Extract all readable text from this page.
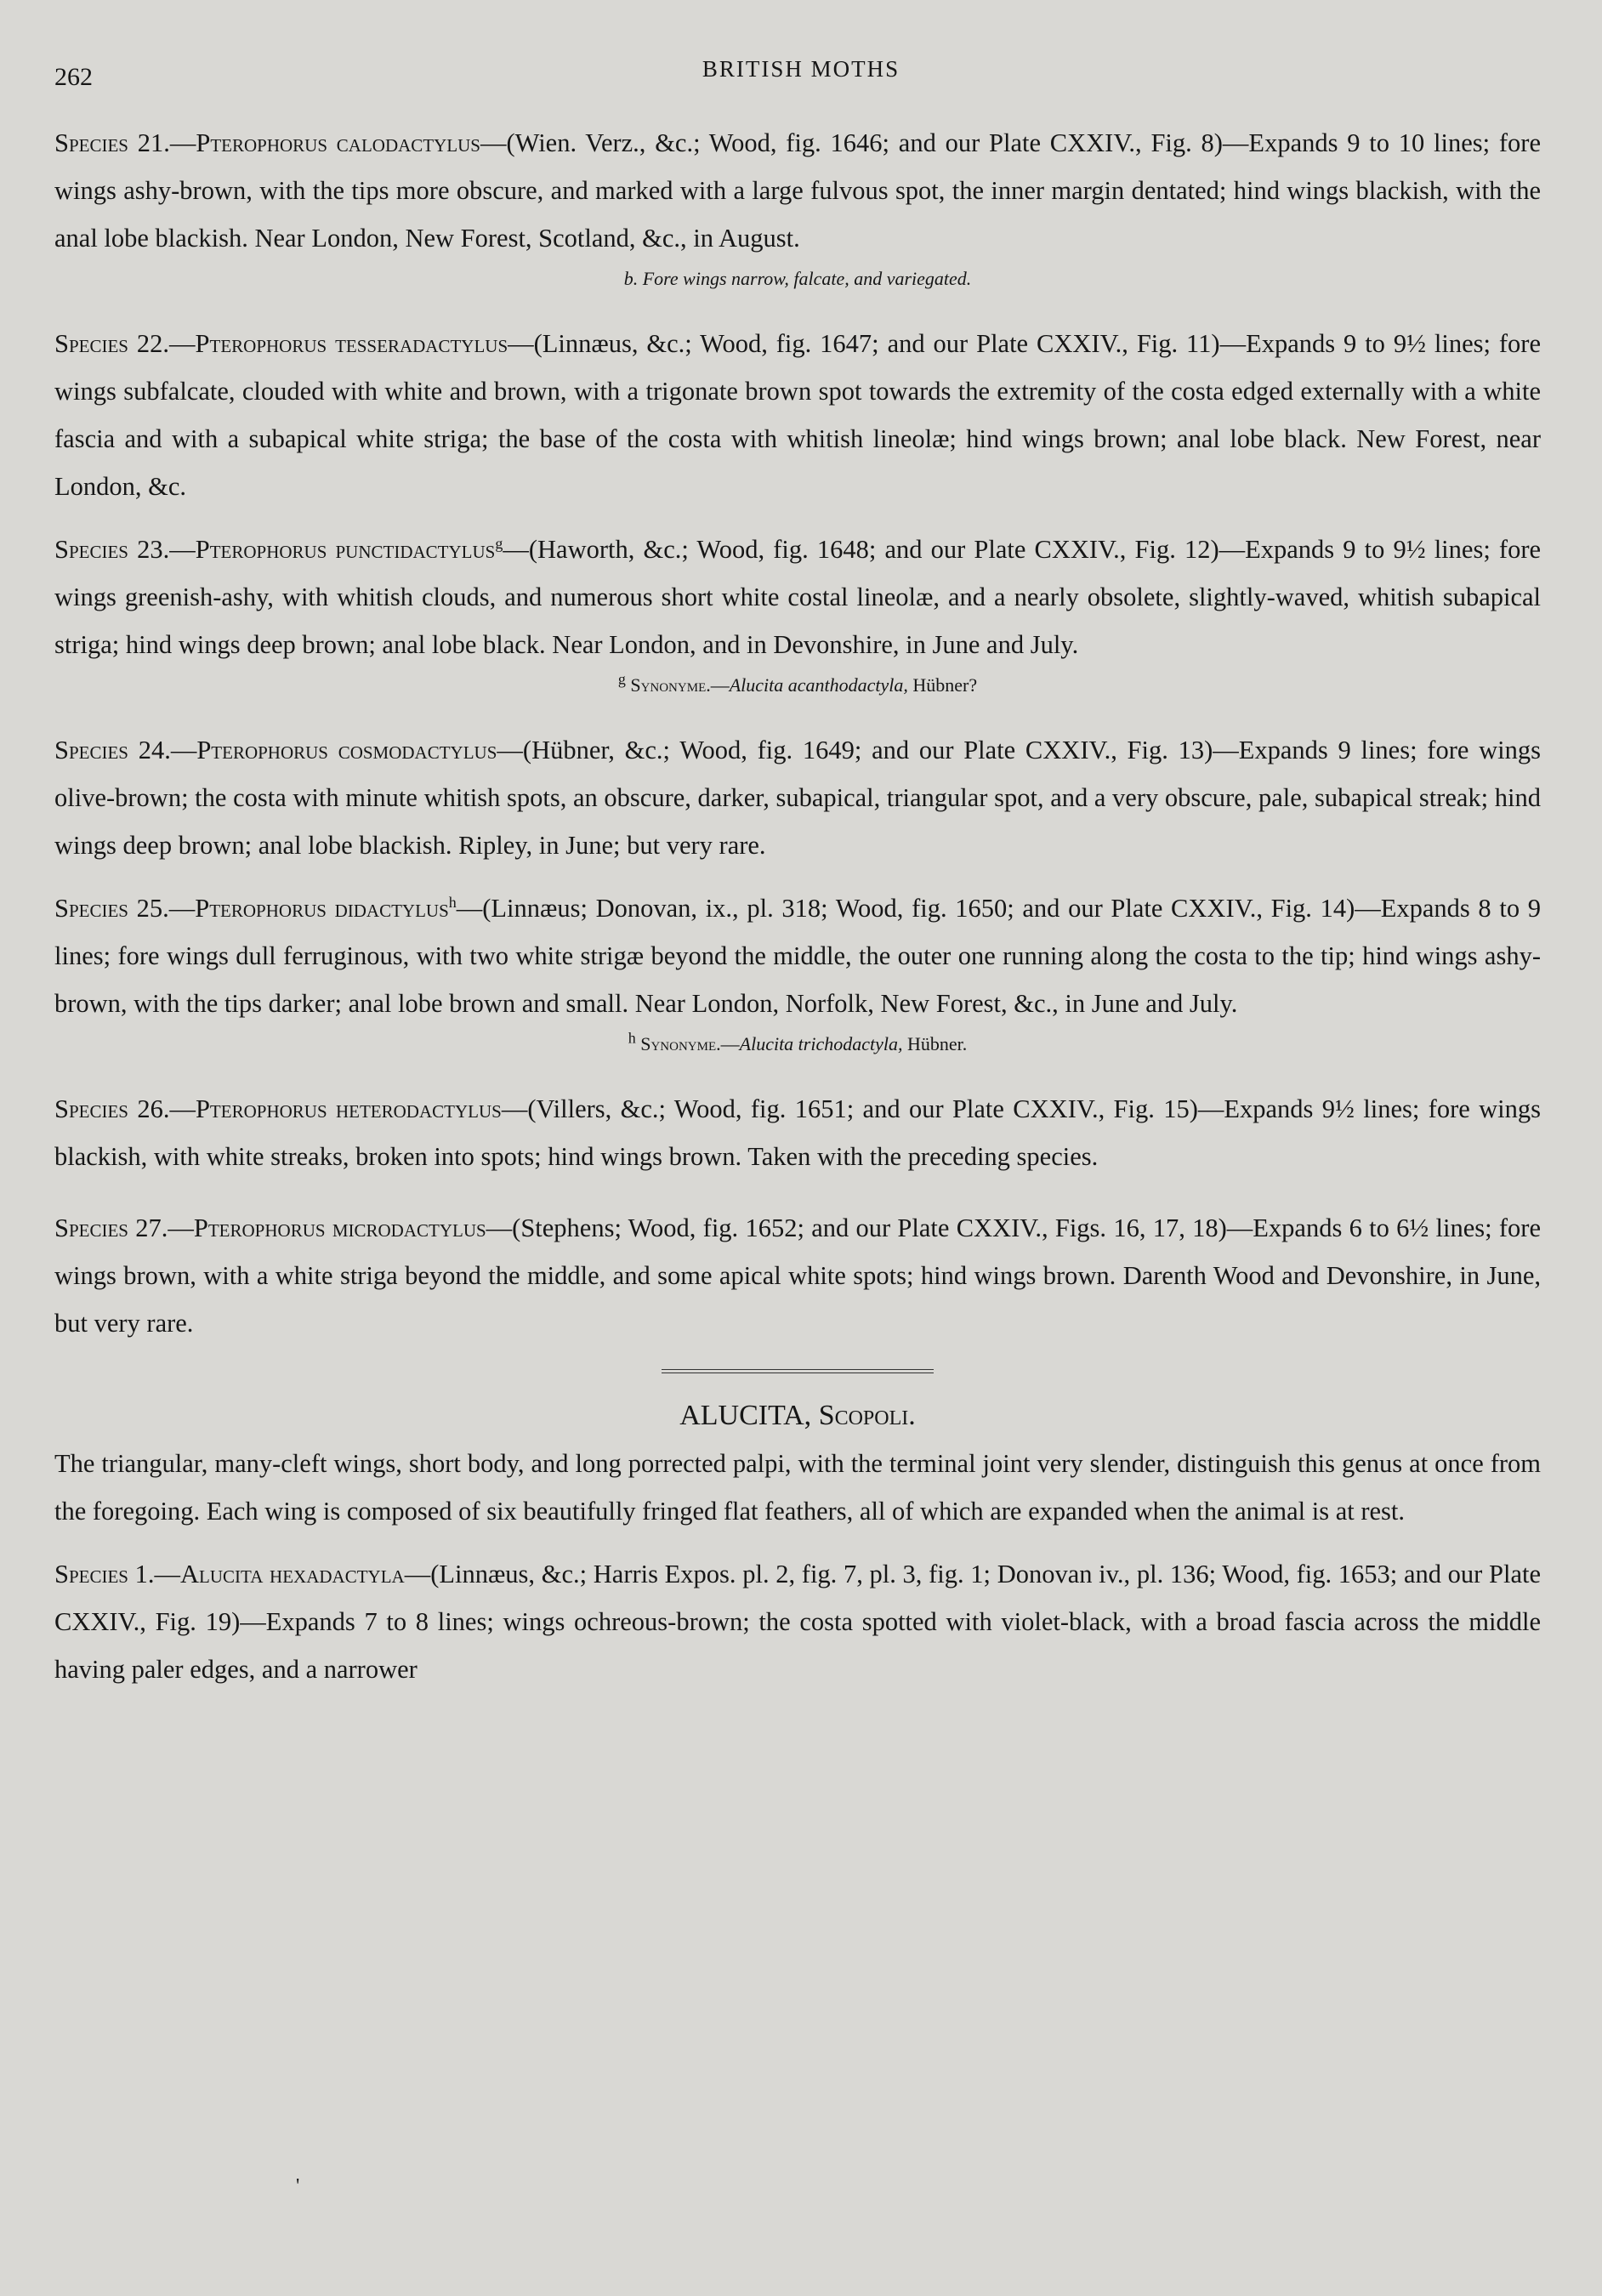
262	BRITISH MOTHS

Species 21.—Pterophorus calodactylus—(Wien. Verz., &c.; Wood, fig. 1646; and our Plate CXXIV., Fig. 8)—Expands 9 to 10 lines; fore wings ashy-brown, with the tips more obscure, and marked with a large fulvous spot, the inner margin dentated; hind wings blackish, with the anal lobe blackish. Near London, New Forest, Scotland, &c., in August.

b. Fore wings narrow, falcate, and variegated.

Species 22.—Pterophorus tesseradactylus—(Linnæus, &c.; Wood, fig. 1647; and our Plate CXXIV., Fig. 11)—Expands 9 to 9½ lines; fore wings subfalcate, clouded with white and brown, with a trigonate brown spot towards the extremity of the costa edged externally with a white fascia and with a subapical white striga; the base of the costa with whitish lineolæ; hind wings brown; anal lobe black. New Forest, near London, &c.

Species 23.—Pterophorus punctidactylus$^g$—(Haworth, &c.; Wood, fig. 1648; and our Plate CXXIV., Fig. 12)—Expands 9 to 9½ lines; fore wings greenish-ashy, with whitish clouds, and numerous short white costal lineolæ, and a nearly obsolete, slightly-waved, whitish subapical striga; hind wings deep brown; anal lobe black. Near London, and in Devonshire, in June and July.

$^g$ Synonyme.—Alucita acanthodactyla, Hübner?

Species 24.—Pterophorus cosmodactylus—(Hübner, &c.; Wood, fig. 1649; and our Plate CXXIV., Fig. 13)—Expands 9 lines; fore wings olive-brown; the costa with minute whitish spots, an obscure, darker, subapical, triangular spot, and a very obscure, pale, subapical streak; hind wings deep brown; anal lobe blackish. Ripley, in June; but very rare.

Species 25.—Pterophorus didactylus$^h$—(Linnæus; Donovan, ix., pl. 318; Wood, fig. 1650; and our Plate CXXIV., Fig. 14)—Expands 8 to 9 lines; fore wings dull ferruginous, with two white strigæ beyond the middle, the outer one running along the costa to the tip; hind wings ashy-brown, with the tips darker; anal lobe brown and small. Near London, Norfolk, New Forest, &c., in June and July.

$^h$ Synonyme.—Alucita trichodactyla, Hübner.

Species 26.—Pterophorus heterodactylus—(Villers, &c.; Wood, fig. 1651; and our Plate CXXIV., Fig. 15)—Expands 9½ lines; fore wings blackish, with white streaks, broken into spots; hind wings brown. Taken with the preceding species.

Species 27.—Pterophorus microdactylus—(Stephens; Wood, fig. 1652; and our Plate CXXIV., Figs. 16, 17, 18)—Expands 6 to 6½ lines; fore wings brown, with a white striga beyond the middle, and some apical white spots; hind wings brown. Darenth Wood and Devonshire, in June, but very rare.

ALUCITA, Scopoli.

The triangular, many-cleft wings, short body, and long porrected palpi, with the terminal joint very slender, distinguish this genus at once from the foregoing. Each wing is composed of six beautifully fringed flat feathers, all of which are expanded when the animal is at rest.

Species 1.—Alucita hexadactyla—(Linnæus, &c.; Harris Expos. pl. 2, fig. 7, pl. 3, fig. 1; Donovan iv., pl. 136; Wood, fig. 1653; and our Plate CXXIV., Fig. 19)—Expands 7 to 8 lines; wings ochreous-brown; the costa spotted with violet-black, with a broad fascia across the middle having paler edges, and a narrower

'
